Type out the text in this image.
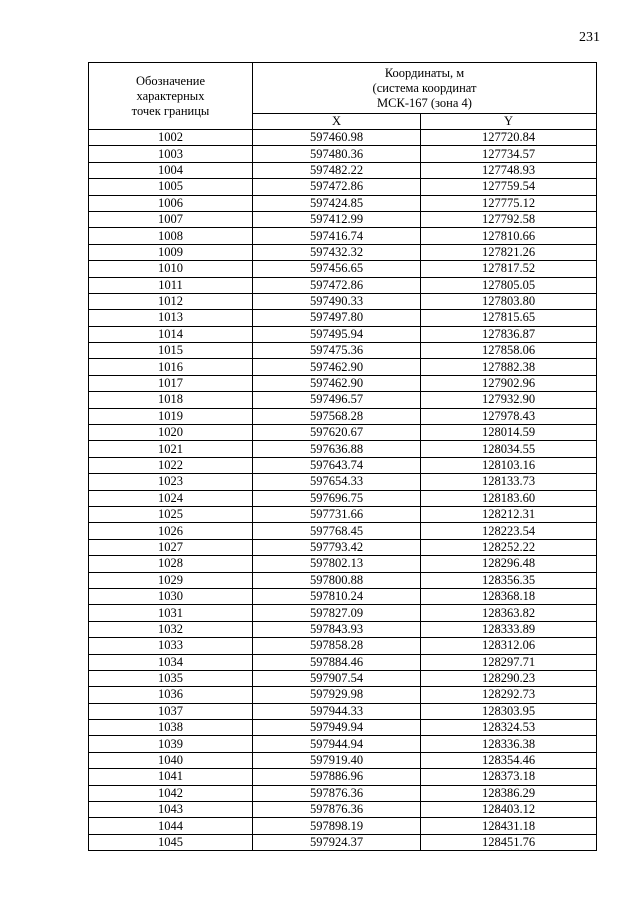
231
Обозначение
характерных
точек границы	Координаты, м
(система координат
МСК-167 (зона 4)	

	X	Y
1002	597460.98	127720.84
1003	597480.36	127734.57
1004	597482.22	127748.93
1005	597472.86	127759.54
1006	597424.85	127775.12
1007	597412.99	127792.58
1008	597416.74	127810.66
1009	597432.32	127821.26
1010	597456.65	127817.52
1011	597472.86	127805.05
1012	597490.33	127803.80
1013	597497.80	127815.65
1014	597495.94	127836.87
1015	597475.36	127858.06
1016	597462.90	127882.38
1017	597462.90	127902.96
1018	597496.57	127932.90
1019	597568.28	127978.43
1020	597620.67	128014.59
1021	597636.88	128034.55
1022	597643.74	128103.16
1023	597654.33	128133.73
1024	597696.75	128183.60
1025	597731.66	128212.31
1026	597768.45	128223.54
1027	597793.42	128252.22
1028	597802.13	128296.48
1029	597800.88	128356.35
1030	597810.24	128368.18
1031	597827.09	128363.82
1032	597843.93	128333.89
1033	597858.28	128312.06
1034	597884.46	128297.71
1035	597907.54	128290.23
1036	597929.98	128292.73
1037	597944.33	128303.95
1038	597949.94	128324.53
1039	597944.94	128336.38
1040	597919.40	128354.46
1041	597886.96	128373.18
1042	597876.36	128386.29
1043	597876.36	128403.12
1044	597898.19	128431.18
1045	597924.37	128451.76
